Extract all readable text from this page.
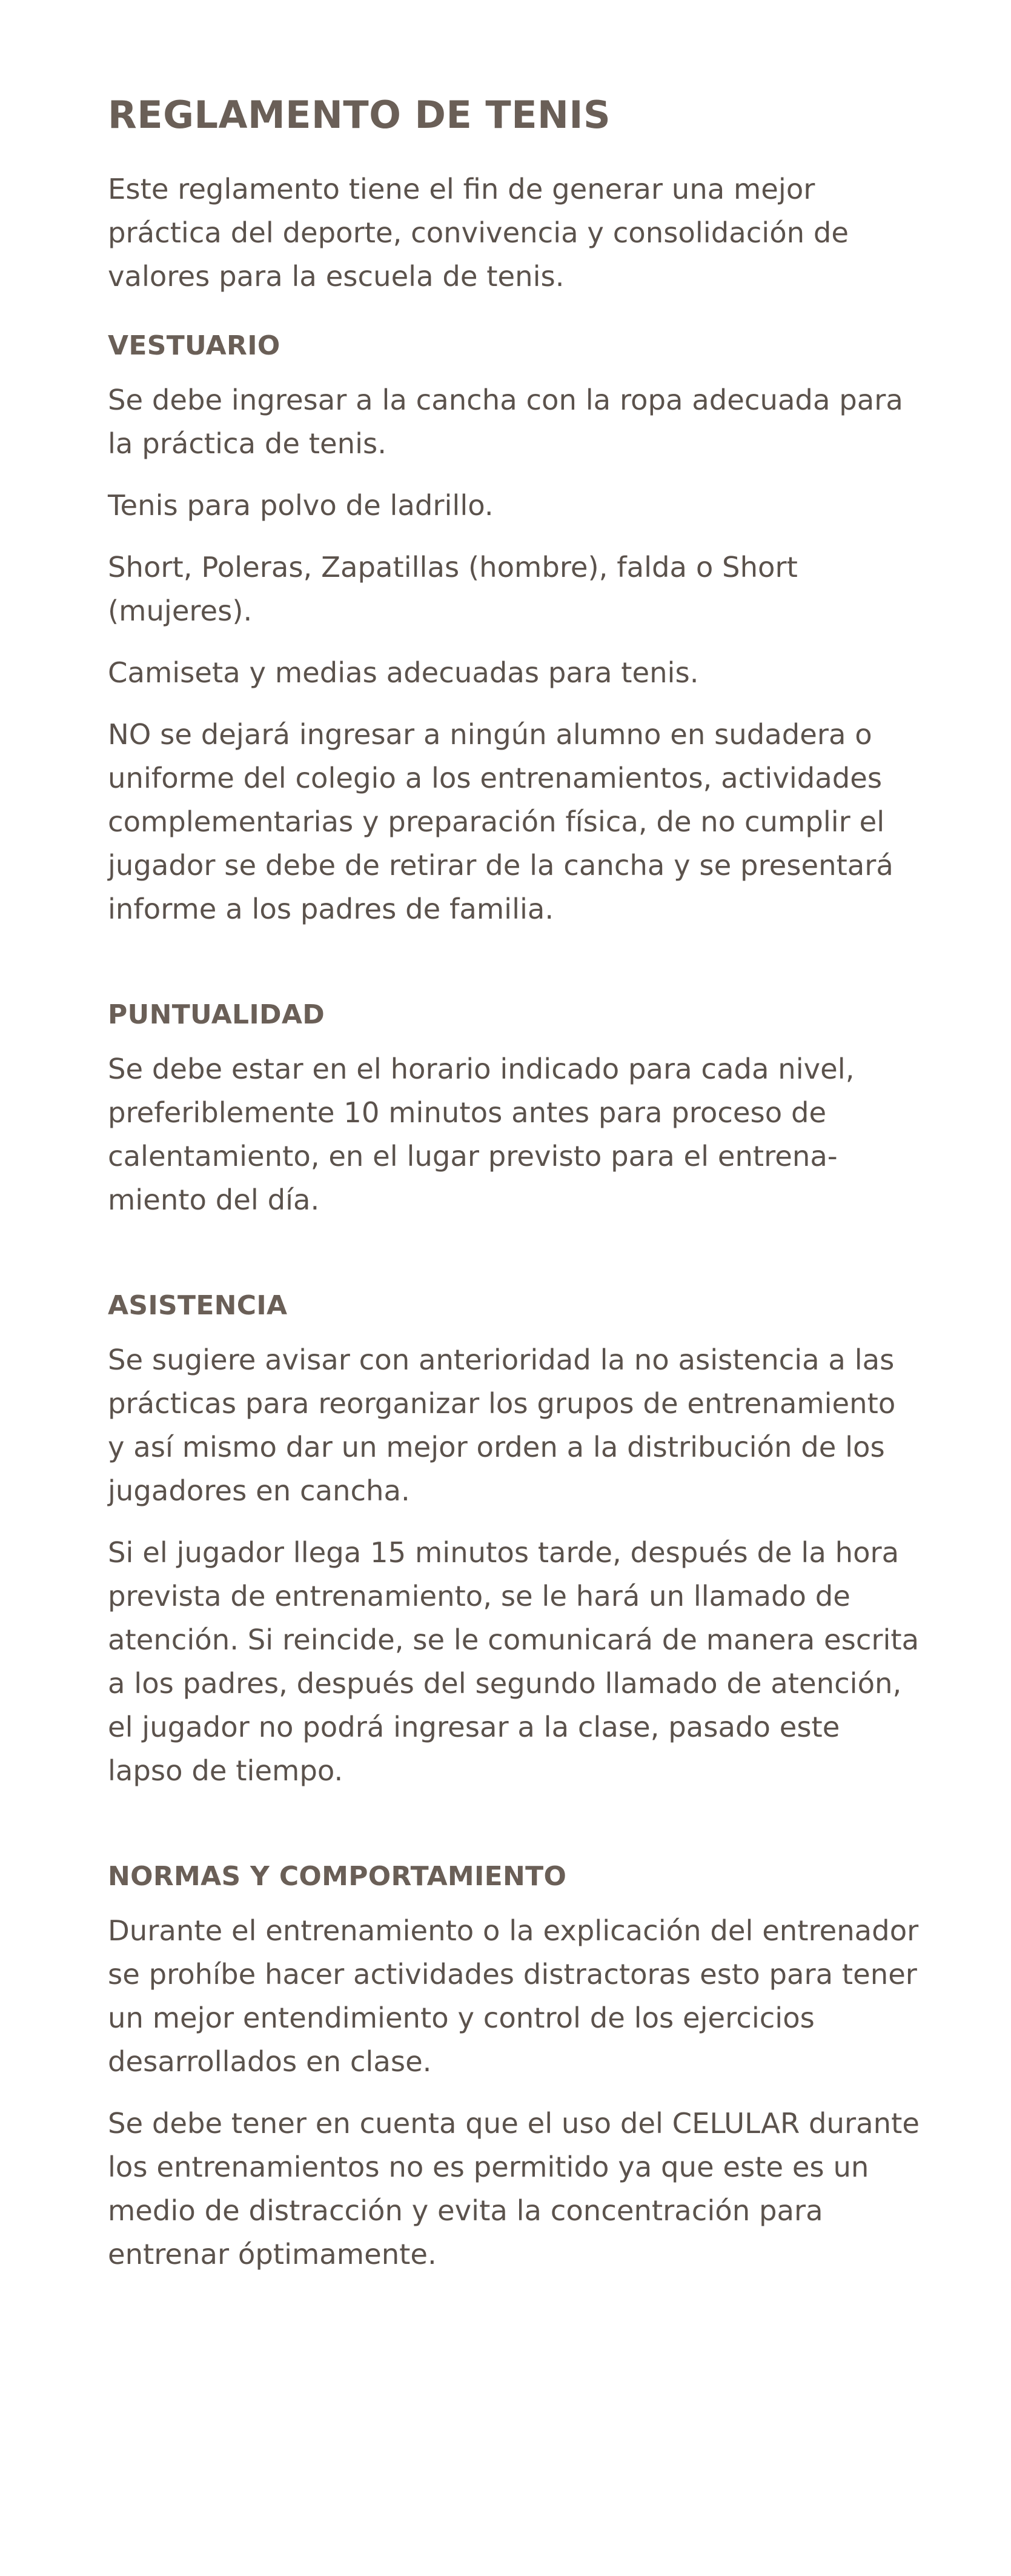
REGLAMENTO DE TENIS

Este reglamento tiene el fin de generar una mejor práctica del deporte, convivencia y consolidación de valores para la escuela de tenis.

VESTUARIO

Se debe ingresar a la cancha con la ropa adecuada para la práctica de tenis.

Tenis para polvo de ladrillo.

Short, Poleras, Zapatillas (hombre), falda o Short (mujeres).

Camiseta y medias adecuadas para tenis.

NO se dejará ingresar a ningún alumno en sudadera o uniforme del colegio a los entrenamientos, actividades complementarias y preparación física, de no cumplir el jugador se debe de retirar de la cancha y se presentará informe a los padres de familia.

PUNTUALIDAD

Se debe estar en el horario indicado para cada nivel, preferiblemente 10 minutos antes para proceso de calentamiento, en el lugar previsto para el entrenamiento del día.

ASISTENCIA

Se sugiere avisar con anterioridad la no asistencia a las prácticas para reorganizar los grupos de entrenamiento y así mismo dar un mejor orden a la distribución de los jugadores en cancha.

Si el jugador llega 15 minutos tarde, después de la hora prevista de entrenamiento, se le hará un llamado de atención. Si reincide, se le comunicará de manera escrita a los padres, después del segundo llamado de atención, el jugador no podrá ingresar a la clase, pasado este lapso de tiempo.

NORMAS Y COMPORTAMIENTO

Durante el entrenamiento o la explicación del entrenador se prohíbe hacer actividades distractoras esto para tener un mejor entendimiento y control de los ejercicios desarrollados en clase.

Se debe tener en cuenta que el uso del CELULAR durante los entrenamientos no es permitido ya que este es un medio de distracción y evita la concentración para entrenar óptimamente.
